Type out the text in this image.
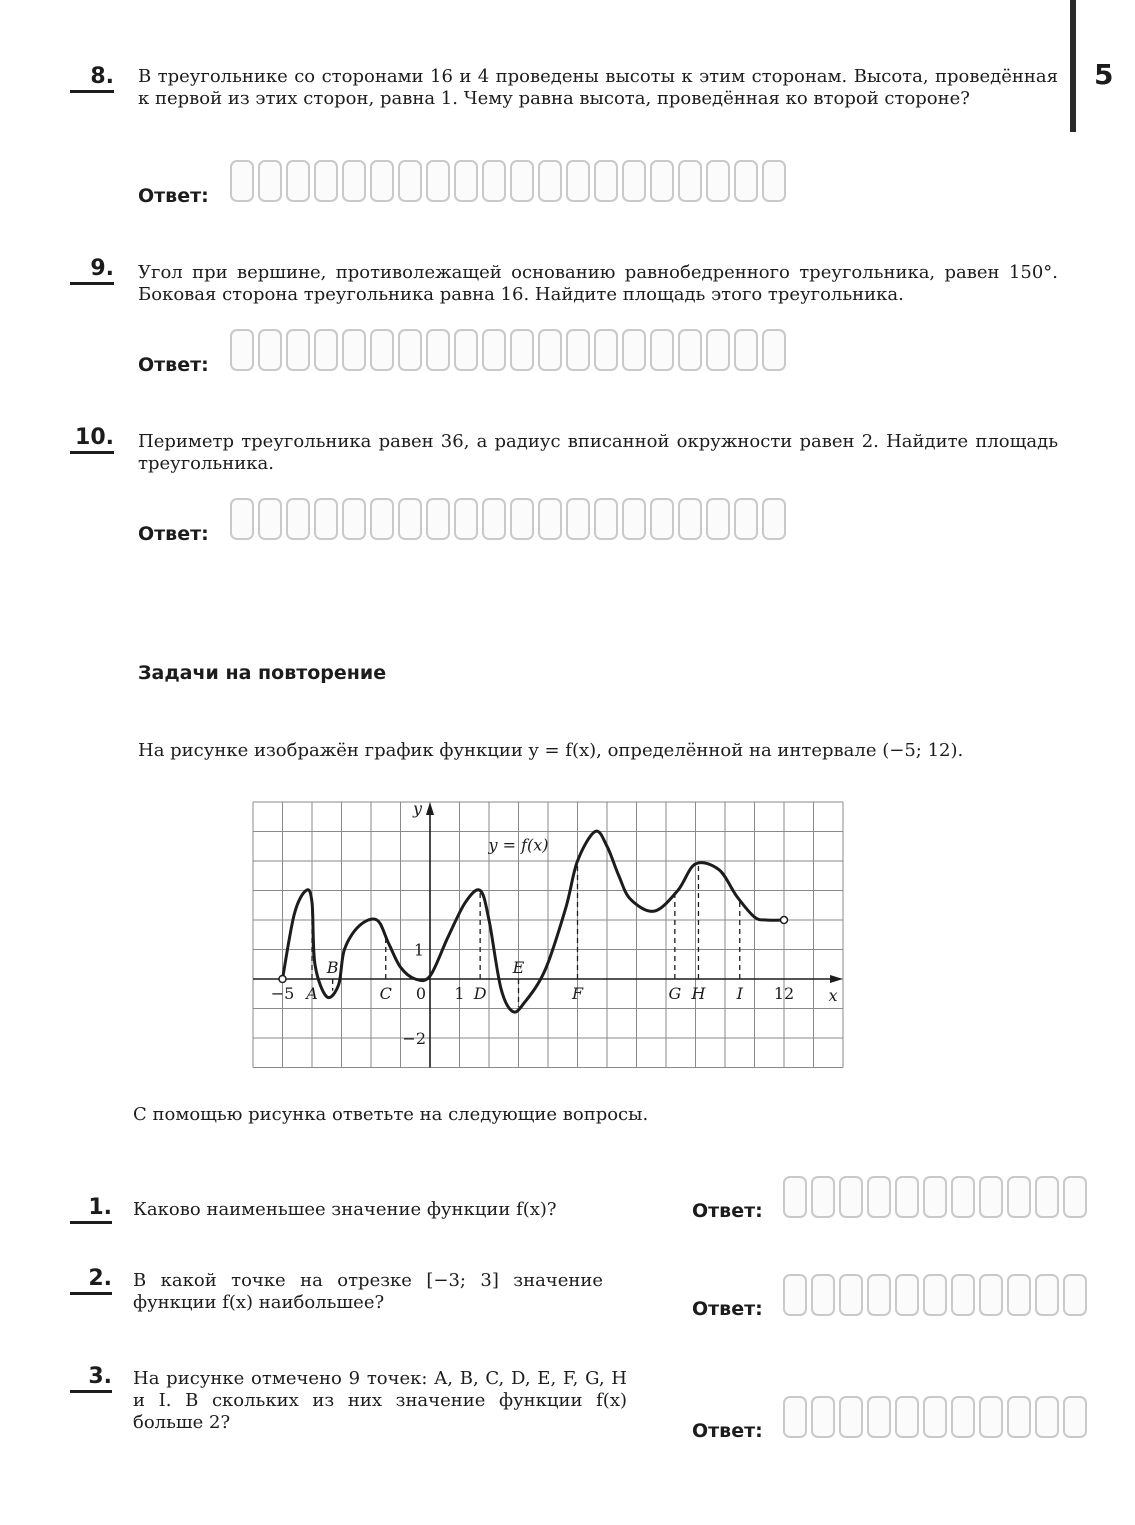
5
8. В треугольнике со сторонами 16 и 4 проведены высоты к этим сторонам. Высота, проведённая к первой из этих сторон, равна 1. Чему равна высота, проведённая ко второй стороне?
Ответ:
9. Угол при вершине, противолежащей основанию равнобедренного треугольника, равен 150°. Боковая сторона треугольника равна 16. Найдите площадь этого треугольника.
Ответ:
10. Периметр треугольника равен 36, а радиус вписанной окружности равен 2. Найдите площадь треугольника.
Ответ:
Задачи на повторение
На рисунке изображён график функции y = f(x), определённой на интервале (−5; 12).
A
B
C	D
E
F	G H I	x
y
y = f(x)
−5	0 1	12
1
−2
С помощью рисунка ответьте на следующие вопросы.
1. Каково наименьшее значение функции f(x)?	Ответ:
2. В какой точке на отрезке [−3; 3] значение функции f(x) наибольшее?	Ответ:
3. На рисунке отмечено 9 точек: A, B, C, D, E, F, G, H и I. В скольких из них значение функции f(x) больше 2?	Ответ:
